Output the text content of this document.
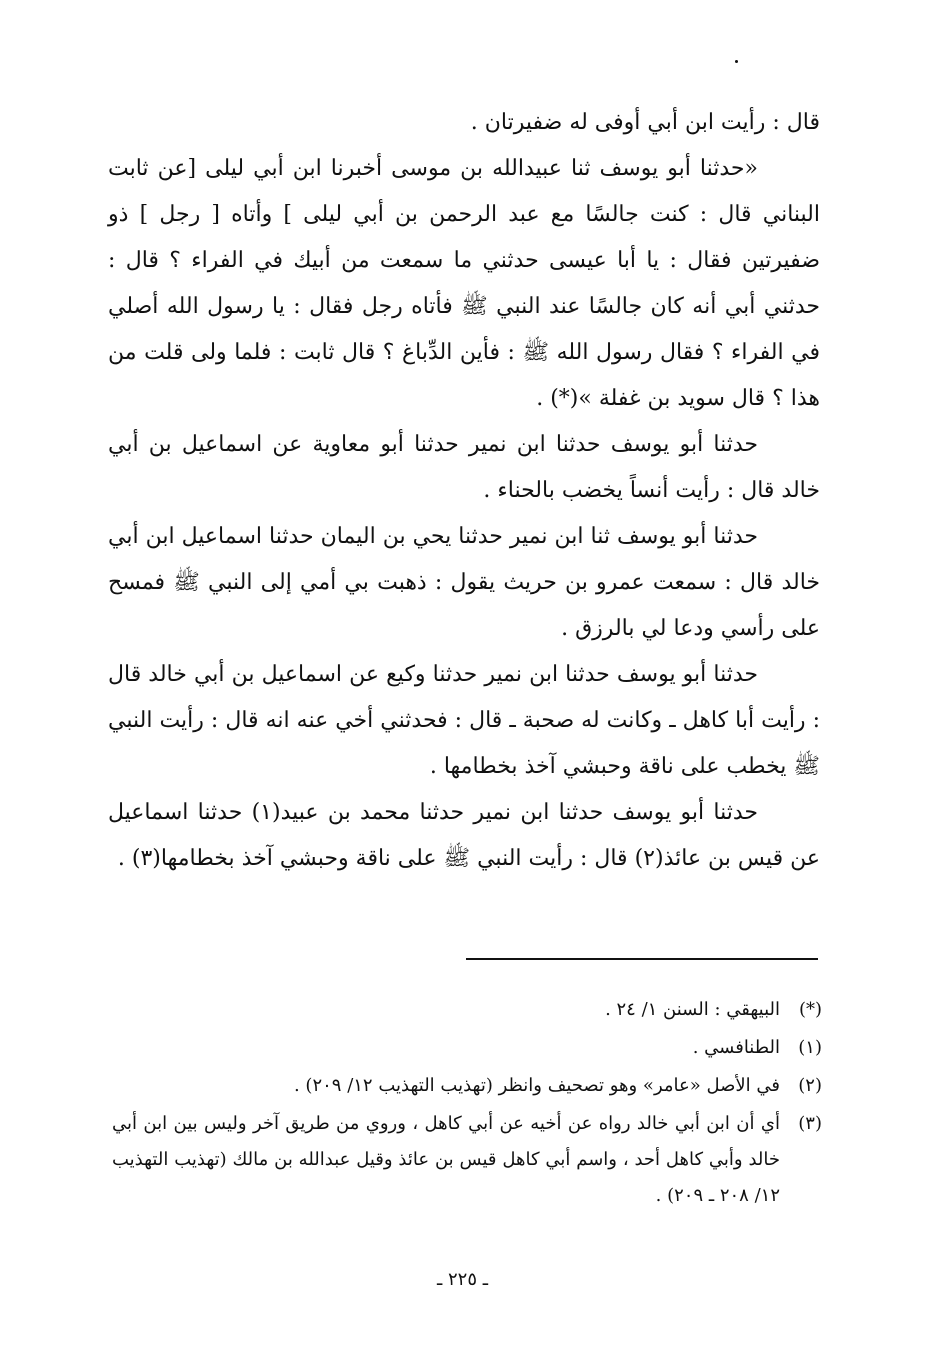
قال : رأيت ابن أبي أوفى له ضفيرتان .

«حدثنا أبو يوسف ثنا عبيدالله بن موسى أخبرنا ابن أبي ليلى [عن ثابت البناني قال : كنت جالسًا مع عبد الرحمن بن أبي ليلى ] وأتاه [ رجل ] ذو ضفيرتين فقال : يا أبا عيسى حدثني ما سمعت من أبيك في الفراء ؟ قال : حدثني أبي أنه كان جالسًا عند النبي ﷺ فأتاه رجل فقال : يا رسول الله أصلي في الفراء ؟ فقال رسول الله ﷺ : فأين الدِّباغ ؟ قال ثابت : فلما ولى قلت من هذا ؟ قال سويد بن غفلة »(*) .

حدثنا أبو يوسف حدثنا ابن نمير حدثنا أبو معاوية عن اسماعيل بن أبي خالد قال : رأيت أنساً يخضب بالحناء .

حدثنا أبو يوسف ثنا ابن نمير حدثنا يحي بن اليمان حدثنا اسماعيل ابن أبي خالد قال : سمعت عمرو بن حريث يقول : ذهبت بي أمي إلى النبي ﷺ فمسح على رأسي ودعا لي بالرزق .

حدثنا أبو يوسف حدثنا ابن نمير حدثنا وكيع عن اسماعيل بن أبي خالد قال : رأيت أبا كاهل ـ وكانت له صحبة ـ قال : فحدثني أخي عنه انه قال : رأيت النبي ﷺ يخطب على ناقة وحبشي آخذ بخطامها .

حدثنا أبو يوسف حدثنا ابن نمير حدثنا محمد بن عبيد(١) حدثنا اسماعيل عن قيس بن عائذ(٢) قال : رأيت النبي ﷺ على ناقة وحبشي آخذ بخطامها(٣) .

(*)
البيهقي : السنن ١/ ٢٤ .
(١)
الطنافسي .
(٢)
في الأصل «عامر» وهو تصحيف وانظر (تهذيب التهذيب ١٢/ ٢٠٩) .
(٣)
أي أن ابن أبي خالد رواه عن أخيه عن أبي كاهل ، وروي من طريق آخر وليس بين ابن أبي خالد وأبي كاهل أحد ، واسم أبي كاهل قيس بن عائذ وقيل عبدالله بن مالك (تهذيب التهذيب ١٢/ ٢٠٨ ـ ٢٠٩) .
ـ ٢٢٥ ـ
